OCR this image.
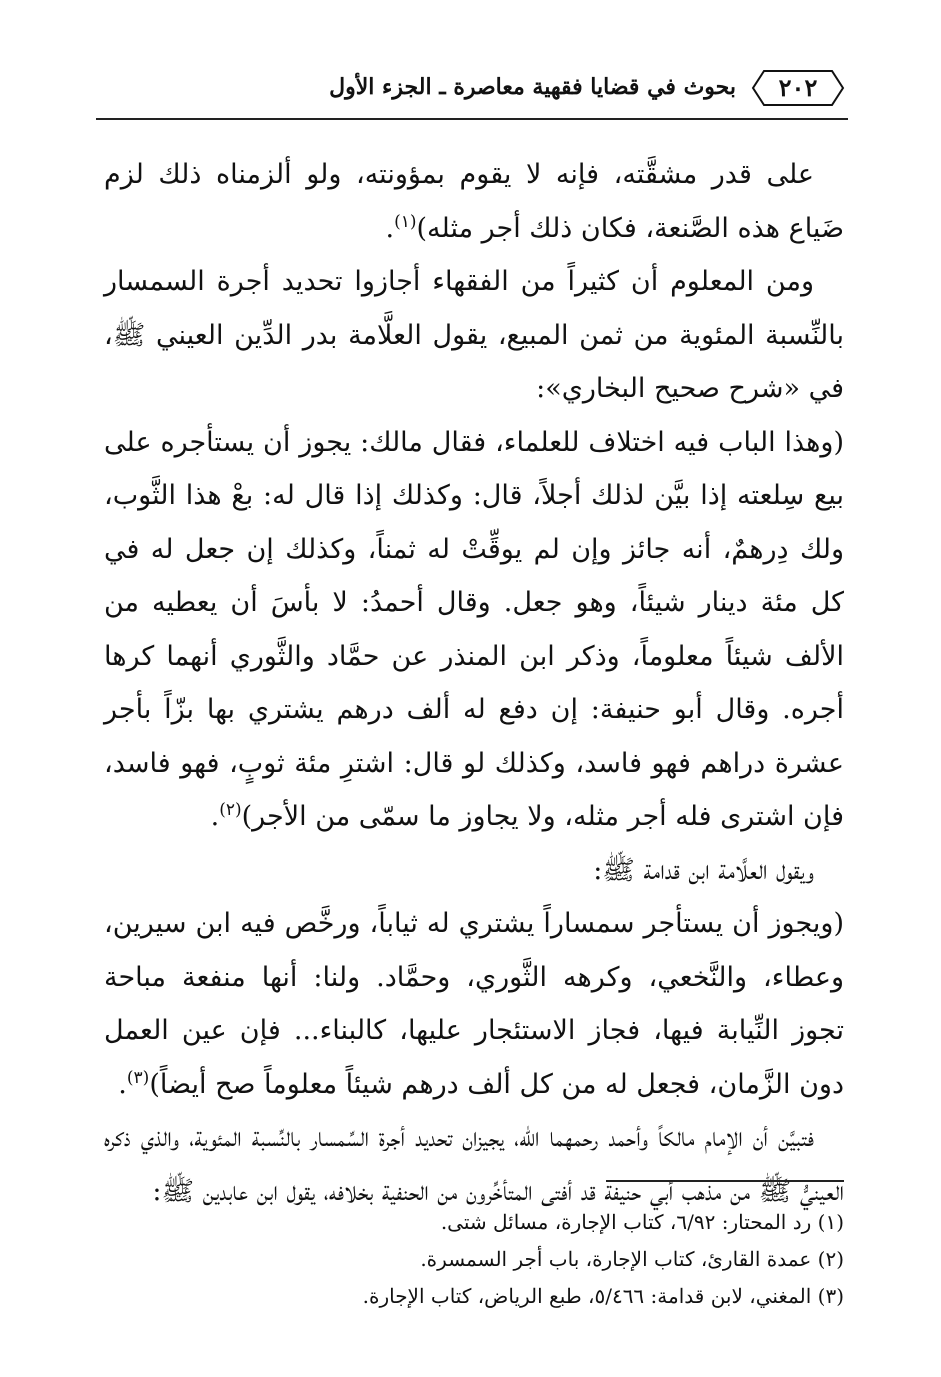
٢٠٢
بحوث في قضايا فقهية معاصرة ـ الجزء الأول

على قدر مشقَّته، فإنه لا يقوم بمؤونته، ولو ألزمناه ذلك لزم ضَياع هذه الصَّنعة، فكان ذلك أجر مثله)$^{(١)}$.

ومن المعلوم أن كثيراً من الفقهاء أجازوا تحديد أجرة السمسار بالنِّسبة المئوية من ثمن المبيع، يقول العلَّامة بدر الدِّين العيني ﷺ، في «شرح صحيح البخاري»:

(وهذا الباب فيه اختلاف للعلماء، فقال مالك: يجوز أن يستأجره على بيع سِلعته إذا بيَّن لذلك أجلاً، قال: وكذلك إذا قال له: بعْ هذا الثَّوب، ولك دِرهمٌ، أنه جائز وإن لم يوقِّتْ له ثمناً، وكذلك إن جعل له في كل مئة دينار شيئاً، وهو جعل. وقال أحمدُ: لا بأسَ أن يعطيه من الألف شيئاً معلوماً، وذكر ابن المنذر عن حمَّاد والثَّوري أنهما كرها أجره. وقال أبو حنيفة: إن دفع له ألف درهم يشتري بها بزّاً بأجر عشرة دراهم فهو فاسد، وكذلك لو قال: اشترِ مئة ثوبٍ، فهو فاسد، فإن اشترى فله أجر مثله، ولا يجاوز ما سمّى من الأجر)$^{(٢)}$.

ويقول العلَّامة ابن قدامة ﷺ:

(ويجوز أن يستأجر سمساراً يشتري له ثياباً، ورخَّص فيه ابن سيرين، وعطاء، والنَّخعي، وكرهه الثَّوري، وحمَّاد. ولنا: أنها منفعة مباحة تجوز النِّيابة فيها، فجاز الاستئجار عليها، كالبناء... فإن عين العمل دون الزَّمان، فجعل له من كل ألف درهم شيئاً معلوماً صح أيضاً)$^{(٣)}$.

فتبيَّن أن الإمام مالكاً وأحمد رحمهما الله، يجيزان تحديد أجرة السِّمسار بالنِّسبة المئوية، والذي ذكره العينيُّ ﷺ من مذهب أبي حنيفة قد أفتى المتأخِّرون من الحنفية بخلافه، يقول ابن عابدين ﷺ:

(١) رد المحتار: ٦/٩٢، كتاب الإجارة، مسائل شتى.
(٢) عمدة القارئ، كتاب الإجارة، باب أجر السمسرة.
(٣) المغني، لابن قدامة: ٥/٤٦٦، طبع الرياض، كتاب الإجارة.
